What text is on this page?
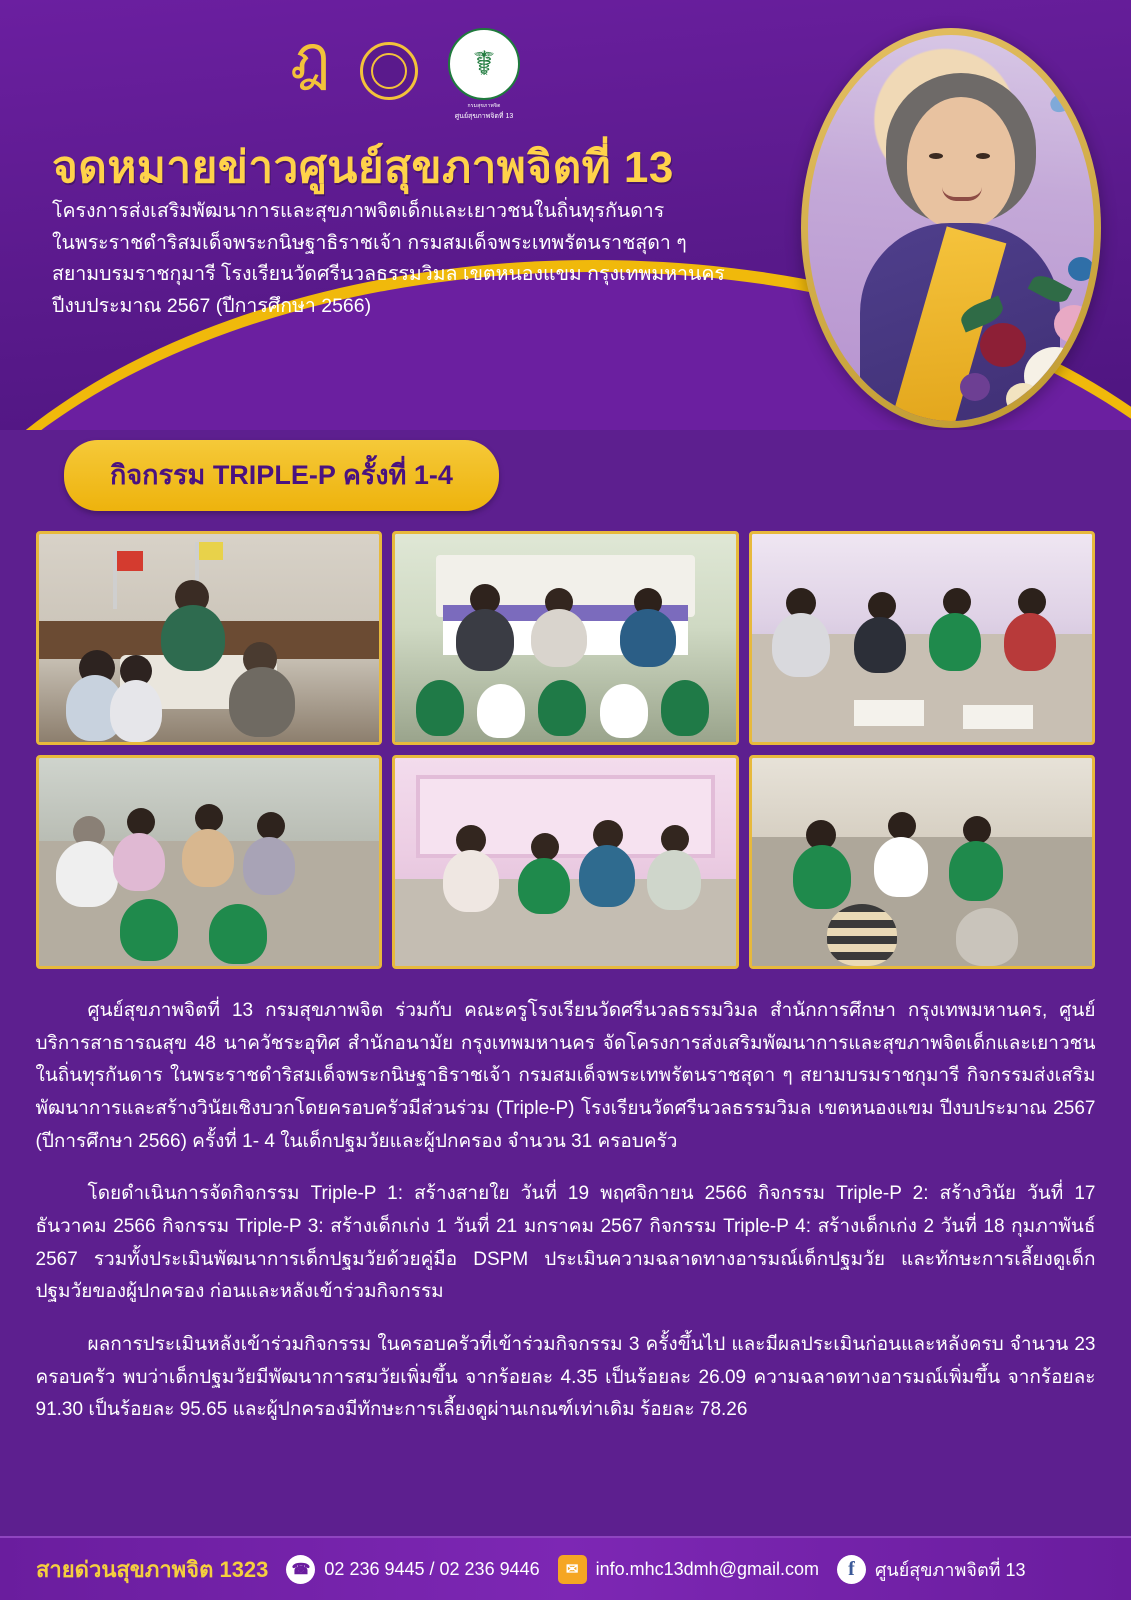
ฎ	☤
กรมสุขภาพจิต
ศูนย์สุขภาพจิตที่ 13
จดหมายข่าวศูนย์สุขภาพจิตที่ 13
โครงการส่งเสริมพัฒนาการและสุขภาพจิตเด็กและเยาวชนในถิ่นทุรกันดาร
ในพระราชดำริสมเด็จพระกนิษฐาธิราชเจ้า กรมสมเด็จพระเทพรัตนราชสุดา ๆ
สยามบรมราชกุมารี โรงเรียนวัดศรีนวลธรรมวิมล เขตหนองแขม กรุงเทพมหานคร
ปีงบประมาณ 2567 (ปีการศึกษา 2566)
กิจกรรม TRIPLE-P ครั้งที่ 1-4

ศูนย์สุขภาพจิตที่ 13 กรมสุขภาพจิต ร่วมกับ คณะครูโรงเรียนวัดศรีนวลธรรมวิมล สำนักการศึกษา กรุงเทพมหานคร, ศูนย์บริการสาธารณสุข 48 นาควัชระอุทิศ สำนักอนามัย กรุงเทพมหานคร จัดโครงการส่งเสริมพัฒนาการและสุขภาพจิตเด็กและเยาวชนในถิ่นทุรกันดาร ในพระราชดำริสมเด็จพระกนิษฐาธิราชเจ้า กรมสมเด็จพระเทพรัตนราชสุดา ๆ สยามบรมราชกุมารี กิจกรรมส่งเสริมพัฒนาการและสร้างวินัยเชิงบวกโดยครอบครัวมีส่วนร่วม (Triple-P) โรงเรียนวัดศรีนวลธรรมวิมล เขตหนองแขม ปีงบประมาณ 2567 (ปีการศึกษา 2566) ครั้งที่ 1- 4 ในเด็กปฐมวัยและผู้ปกครอง จำนวน 31 ครอบครัว

โดยดำเนินการจัดกิจกรรม Triple-P 1: สร้างสายใย วันที่ 19 พฤศจิกายน 2566 กิจกรรม Triple-P 2: สร้างวินัย วันที่ 17 ธันวาคม 2566 กิจกรรม Triple-P 3: สร้างเด็กเก่ง 1 วันที่ 21 มกราคม 2567 กิจกรรม Triple-P 4: สร้างเด็กเก่ง 2 วันที่ 18 กุมภาพันธ์ 2567 รวมทั้งประเมินพัฒนาการเด็กปฐมวัยด้วยคู่มือ DSPM ประเมินความฉลาดทางอารมณ์เด็กปฐมวัย และทักษะการเลี้ยงดูเด็กปฐมวัยของผู้ปกครอง ก่อนและหลังเข้าร่วมกิจกรรม

ผลการประเมินหลังเข้าร่วมกิจกรรม ในครอบครัวที่เข้าร่วมกิจกรรม 3 ครั้งขึ้นไป และมีผลประเมินก่อนและหลังครบ จำนวน 23 ครอบครัว พบว่าเด็กปฐมวัยมีพัฒนาการสมวัยเพิ่มขึ้น จากร้อยละ 4.35 เป็นร้อยละ 26.09 ความฉลาดทางอารมณ์เพิ่มขึ้น จากร้อยละ 91.30 เป็นร้อยละ 95.65 และผู้ปกครองมีทักษะการเลี้ยงดูผ่านเกณฑ์เท่าเดิม ร้อยละ 78.26

สายด่วนสุขภาพจิต 1323	☎ 02 236 9445 / 02 236 9446	✉ info.mhc13dmh@gmail.com	f	ศูนย์สุขภาพจิตที่ 13
